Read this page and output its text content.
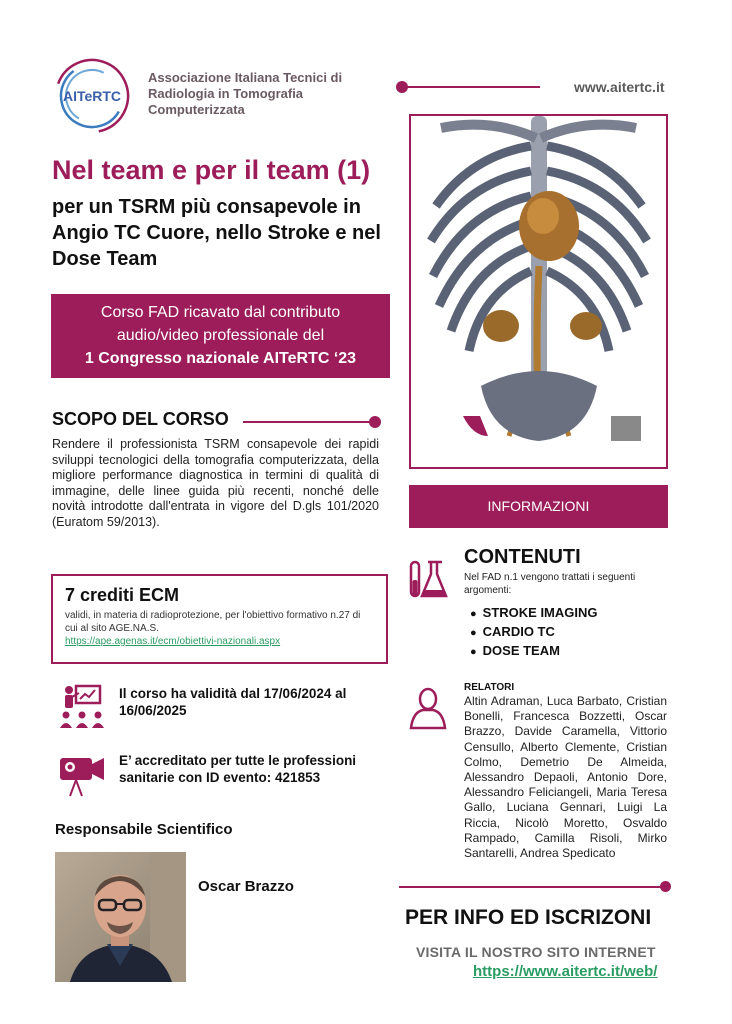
AITeRTC
Associazione Italiana Tecnici di Radiologia in Tomografia Computerizzata
www.aitertc.it
Nel team e per il team (1)
per un TSRM più consapevole in Angio TC Cuore, nello Stroke e nel Dose Team
Corso FAD ricavato dal contributo
audio/video professionale del
1 Congresso nazionale AITeRTC ‘23
SCOPO DEL CORSO
Rendere il professionista TSRM consapevole dei rapidi sviluppi tecnologici della tomografia computerizzata, della migliore performance diagnostica in termini di qualità di immagine, delle linee guida più recenti, nonché delle novità introdotte dall'entrata in vigore del D.gls 101/2020 (Euratom 59/2013).
7 crediti ECM
validi, in materia di radioprotezione, per l'obiettivo formativo n.27 di cui al sito AGE.NA.S.
https://ape.agenas.it/ecm/obiettivi-nazionali.aspx
Il corso ha validità dal 17/06/2024 al 16/06/2025
E’ accreditato per tutte le professioni sanitarie con ID evento: 421853
Responsabile Scientifico
Oscar Brazzo
INFORMAZIONI
CONTENUTI
Nel FAD n.1 vengono trattati i seguenti argomenti:
● STROKE IMAGING
● CARDIO TC
● DOSE TEAM
RELATORI
Altin Adraman, Luca Barbato, Cristian Bonelli, Francesca Bozzetti, Oscar Brazzo, Davide Caramella, Vittorio Censullo, Alberto Clemente, Cristian Colmo, Demetrio De Almeida, Alessandro Depaoli, Antonio Dore, Alessandro Feliciangeli, Maria Teresa Gallo, Luciana Gennari, Luigi La Riccia, Nicolò Moretto, Osvaldo Rampado, Camilla Risoli, Mirko Santarelli, Andrea Spedicato
PER INFO ED ISCRIZONI
VISITA IL NOSTRO SITO INTERNET
https://www.aitertc.it/web/
